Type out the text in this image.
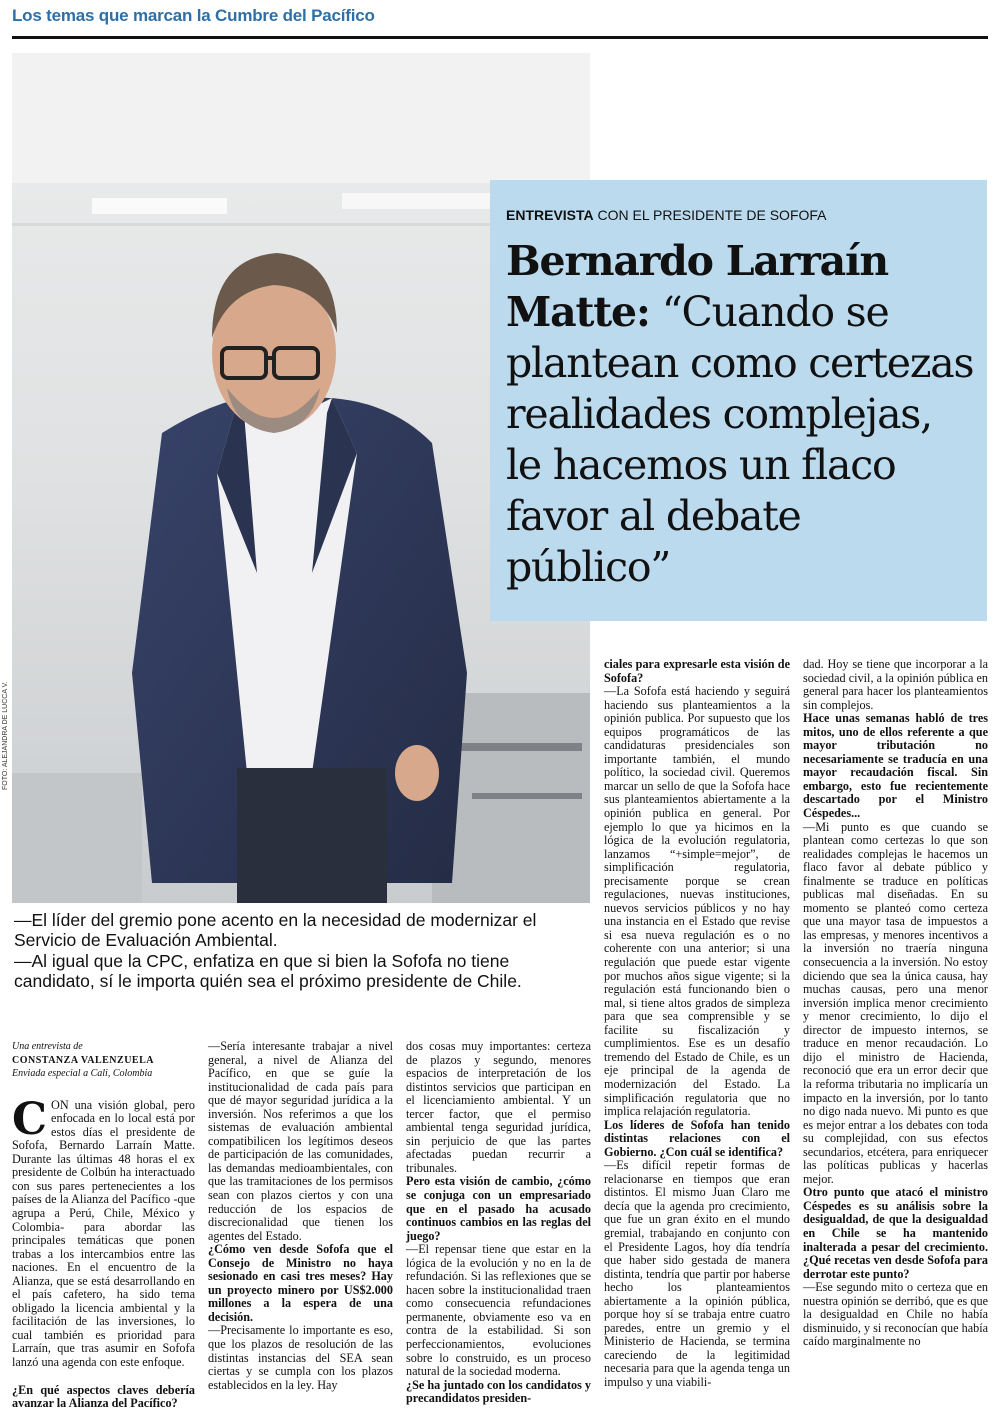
Los temas que marcan la Cumbre del Pacífico
FOTO: ALEJANDRA DE LUCCA V.
ENTREVISTA CON EL PRESIDENTE DE SOFOFA
Bernardo Larraín Matte: “Cuando se plantean como certezas realidades complejas, le hacemos un flaco favor al debate público”

—El líder del gremio pone acento en la necesidad de modernizar el Servicio de Evaluación Ambiental.

—Al igual que la CPC, enfatiza en que si bien la Sofofa no tiene candidato, sí le importa quién sea el próximo presidente de Chile.

Una entrevista de

CONSTANZA VALENZUELA

Enviada especial a Cali, Colombia

CON una visión global, pero enfocada en lo local está por estos días el presidente de Sofofa, Bernardo Larraín Matte. Durante las últimas 48 horas el ex presidente de Colbún ha interactuado con sus pares pertenecientes a los países de la Alianza del Pacífico -que agrupa a Perú, Chile, México y Colombia- para abordar las principales temáticas que ponen trabas a los intercambios entre las naciones. En el encuentro de la Alianza, que se está desarrollando en el país cafetero, ha sido tema obligado la licencia ambiental y la facilitación de las inversiones, lo cual también es prioridad para Larraín, que tras asumir en Sofofa lanzó una agenda con este enfoque.

¿En qué aspectos claves debería avanzar la Alianza del Pacífico?

—Sería interesante trabajar a nivel general, a nivel de Alianza del Pacífico, en que se guíe la institucionalidad de cada país para que dé mayor seguridad jurídica a la inversión. Nos referimos a que los sistemas de evaluación ambiental compatibilicen los legítimos deseos de participación de las comunidades, las demandas medioambientales, con que las tramitaciones de los permisos sean con plazos ciertos y con una reducción de los espacios de discrecionalidad que tienen los agentes del Estado.

¿Cómo ven desde Sofofa que el Consejo de Ministro no haya sesionado en casi tres meses? Hay un proyecto minero por US$2.000 millones a la espera de una decisión.

—Precisamente lo importante es eso, que los plazos de resolución de las distintas instancias del SEA sean ciertas y se cumpla con los plazos establecidos en la ley. Hay

dos cosas muy importantes: certeza de plazos y segundo, menores espacios de interpretación de los distintos servicios que participan en el licenciamiento ambiental. Y un tercer factor, que el permiso ambiental tenga seguridad jurídica, sin perjuicio de que las partes afectadas puedan recurrir a tribunales.

Pero esta visión de cambio, ¿cómo se conjuga con un empresariado que en el pasado ha acusado continuos cambios en las reglas del juego?

—El repensar tiene que estar en la lógica de la evolución y no en la de refundación. Si las reflexiones que se hacen sobre la institucionalidad traen como consecuencia refundaciones permanente, obviamente eso va en contra de la estabilidad. Si son perfeccionamientos, evoluciones sobre lo construido, es un proceso natural de la sociedad moderna.

¿Se ha juntado con los candidatos y precandidatos presiden-

ciales para expresarle esta visión de Sofofa?

—La Sofofa está haciendo y seguirá haciendo sus planteamientos a la opinión publica. Por supuesto que los equipos programáticos de las candidaturas presidenciales son importante también, el mundo político, la sociedad civil. Queremos marcar un sello de que la Sofofa hace sus planteamientos abiertamente a la opinión publica en general. Por ejemplo lo que ya hicimos en la lógica de la evolución regulatoria, lanzamos “+simple=mejor”, de simplificación regulatoria, precisamente porque se crean regulaciones, nuevas instituciones, nuevos servicios públicos y no hay una instancia en el Estado que revise si esa nueva regulación es o no coherente con una anterior; si una regulación que puede estar vigente por muchos años sigue vigente; si la regulación está funcionando bien o mal, si tiene altos grados de simpleza para que sea comprensible y se facilite su fiscalización y cumplimientos. Ese es un desafío tremendo del Estado de Chile, es un eje principal de la agenda de modernización del Estado. La simplificación regulatoria que no implica relajación regulatoria.

Los líderes de Sofofa han tenido distintas relaciones con el Gobierno. ¿Con cuál se identifica?

—Es difícil repetir formas de relacionarse en tiempos que eran distintos. El mismo Juan Claro me decía que la agenda pro crecimiento, que fue un gran éxito en el mundo gremial, trabajando en conjunto con el Presidente Lagos, hoy día tendría que haber sido gestada de manera distinta, tendría que partir por haberse hecho los planteamientos abiertamente a la opinión pública, porque hoy sí se trabaja entre cuatro paredes, entre un gremio y el Ministerio de Hacienda, se termina careciendo de la legitimidad necesaria para que la agenda tenga un impulso y una viabili-

dad. Hoy se tiene que incorporar a la sociedad civil, a la opinión pública en general para hacer los planteamientos sin complejos.

Hace unas semanas habló de tres mitos, uno de ellos referente a que mayor tributación no necesariamente se traducía en una mayor recaudación fiscal. Sin embargo, esto fue recientemente descartado por el Ministro Céspedes...

—Mi punto es que cuando se plantean como certezas lo que son realidades complejas le hacemos un flaco favor al debate público y finalmente se traduce en políticas publicas mal diseñadas. En su momento se planteó como certeza que una mayor tasa de impuestos a las empresas, y menores incentivos a la inversión no traería ninguna consecuencia a la inversión. No estoy diciendo que sea la única causa, hay muchas causas, pero una menor inversión implica menor crecimiento y menor crecimiento, lo dijo el director de impuesto internos, se traduce en menor recaudación. Lo dijo el ministro de Hacienda, reconoció que era un error decir que la reforma tributaria no implicaría un impacto en la inversión, por lo tanto no digo nada nuevo. Mi punto es que es mejor entrar a los debates con toda su complejidad, con sus efectos secundarios, etcétera, para enriquecer las políticas publicas y hacerlas mejor.

Otro punto que atacó el ministro Céspedes es su análisis sobre la desigualdad, de que la desigualdad en Chile se ha mantenido inalterada a pesar del crecimiento. ¿Qué recetas ven desde Sofofa para derrotar este punto?

—Ese segundo mito o certeza que en nuestra opinión se derribó, que es que la desigualdad en Chile no había disminuido, y si reconocían que había caído marginalmente no
